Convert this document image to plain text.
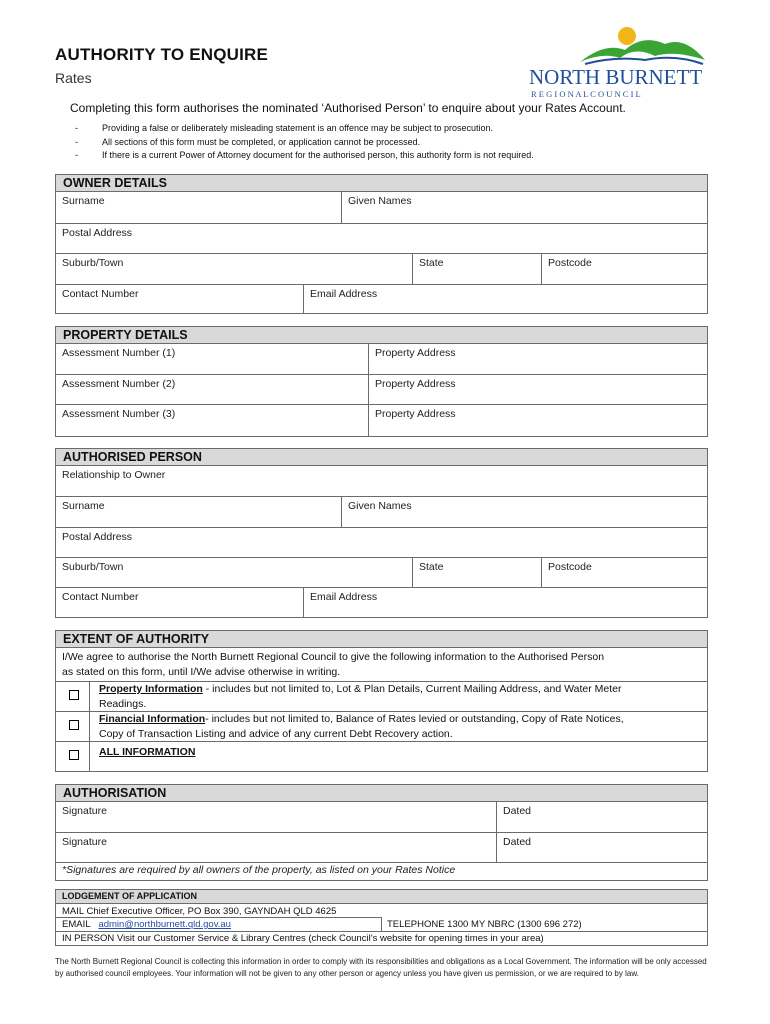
AUTHORITY TO ENQUIRE
Rates	NORTH BURNETT
R E G I O N A L C O U N C I L
Completing this form authorises the nominated ‘Authorised Person’ to enquire about your Rates Account.
-	Providing a false or deliberately misleading statement is an offence may be subject to prosecution.
-	All sections of this form must be completed, or application cannot be processed.
-	If there is a current Power of Attorney document for the authorised person, this authority form is not required.
OWNER DETAILS
Surname	Given Names
Postal Address
Suburb/Town	State	Postcode
Contact Number	Email Address
PROPERTY DETAILS
Assessment Number (1)	Property Address
Assessment Number (2)	Property Address
Assessment Number (3)	Property Address
AUTHORISED PERSON
Relationship to Owner
Surname	Given Names
Postal Address
Suburb/Town	State	Postcode
Contact Number	Email Address
EXTENT OF AUTHORITY
I/We agree to authorise the North Burnett Regional Council to give the following information to the Authorised Person
as stated on this form, until I/We advise otherwise in writing.
Property Information - includes but not limited to, Lot & Plan Details, Current Mailing Address, and Water Meter
Readings.
Financial Information- includes but not limited to, Balance of Rates levied or outstanding, Copy of Rate Notices,
Copy of Transaction Listing and advice of any current Debt Recovery action.
ALL INFORMATION
AUTHORISATION
Signature	Dated
Signature	Dated
*Signatures are required by all owners of the property, as listed on your Rates Notice
LODGEMENT OF APPLICATION
MAIL Chief Executive Officer, PO Box 390, GAYNDAH QLD 4625
EMAIL admin@northburnett.qld.gov.au	TELEPHONE 1300 MY NBRC (1300 696 272)
IN PERSON Visit our Customer Service & Library Centres (check Council’s website for opening times in your area)
The North Burnett Regional Council is collecting this information in order to comply with its responsibilities and obligations as a Local Government. The information will be only accessed by authorised council employees. Your information will not be given to any other person or agency unless you have given us permission, or we are required to by law.
